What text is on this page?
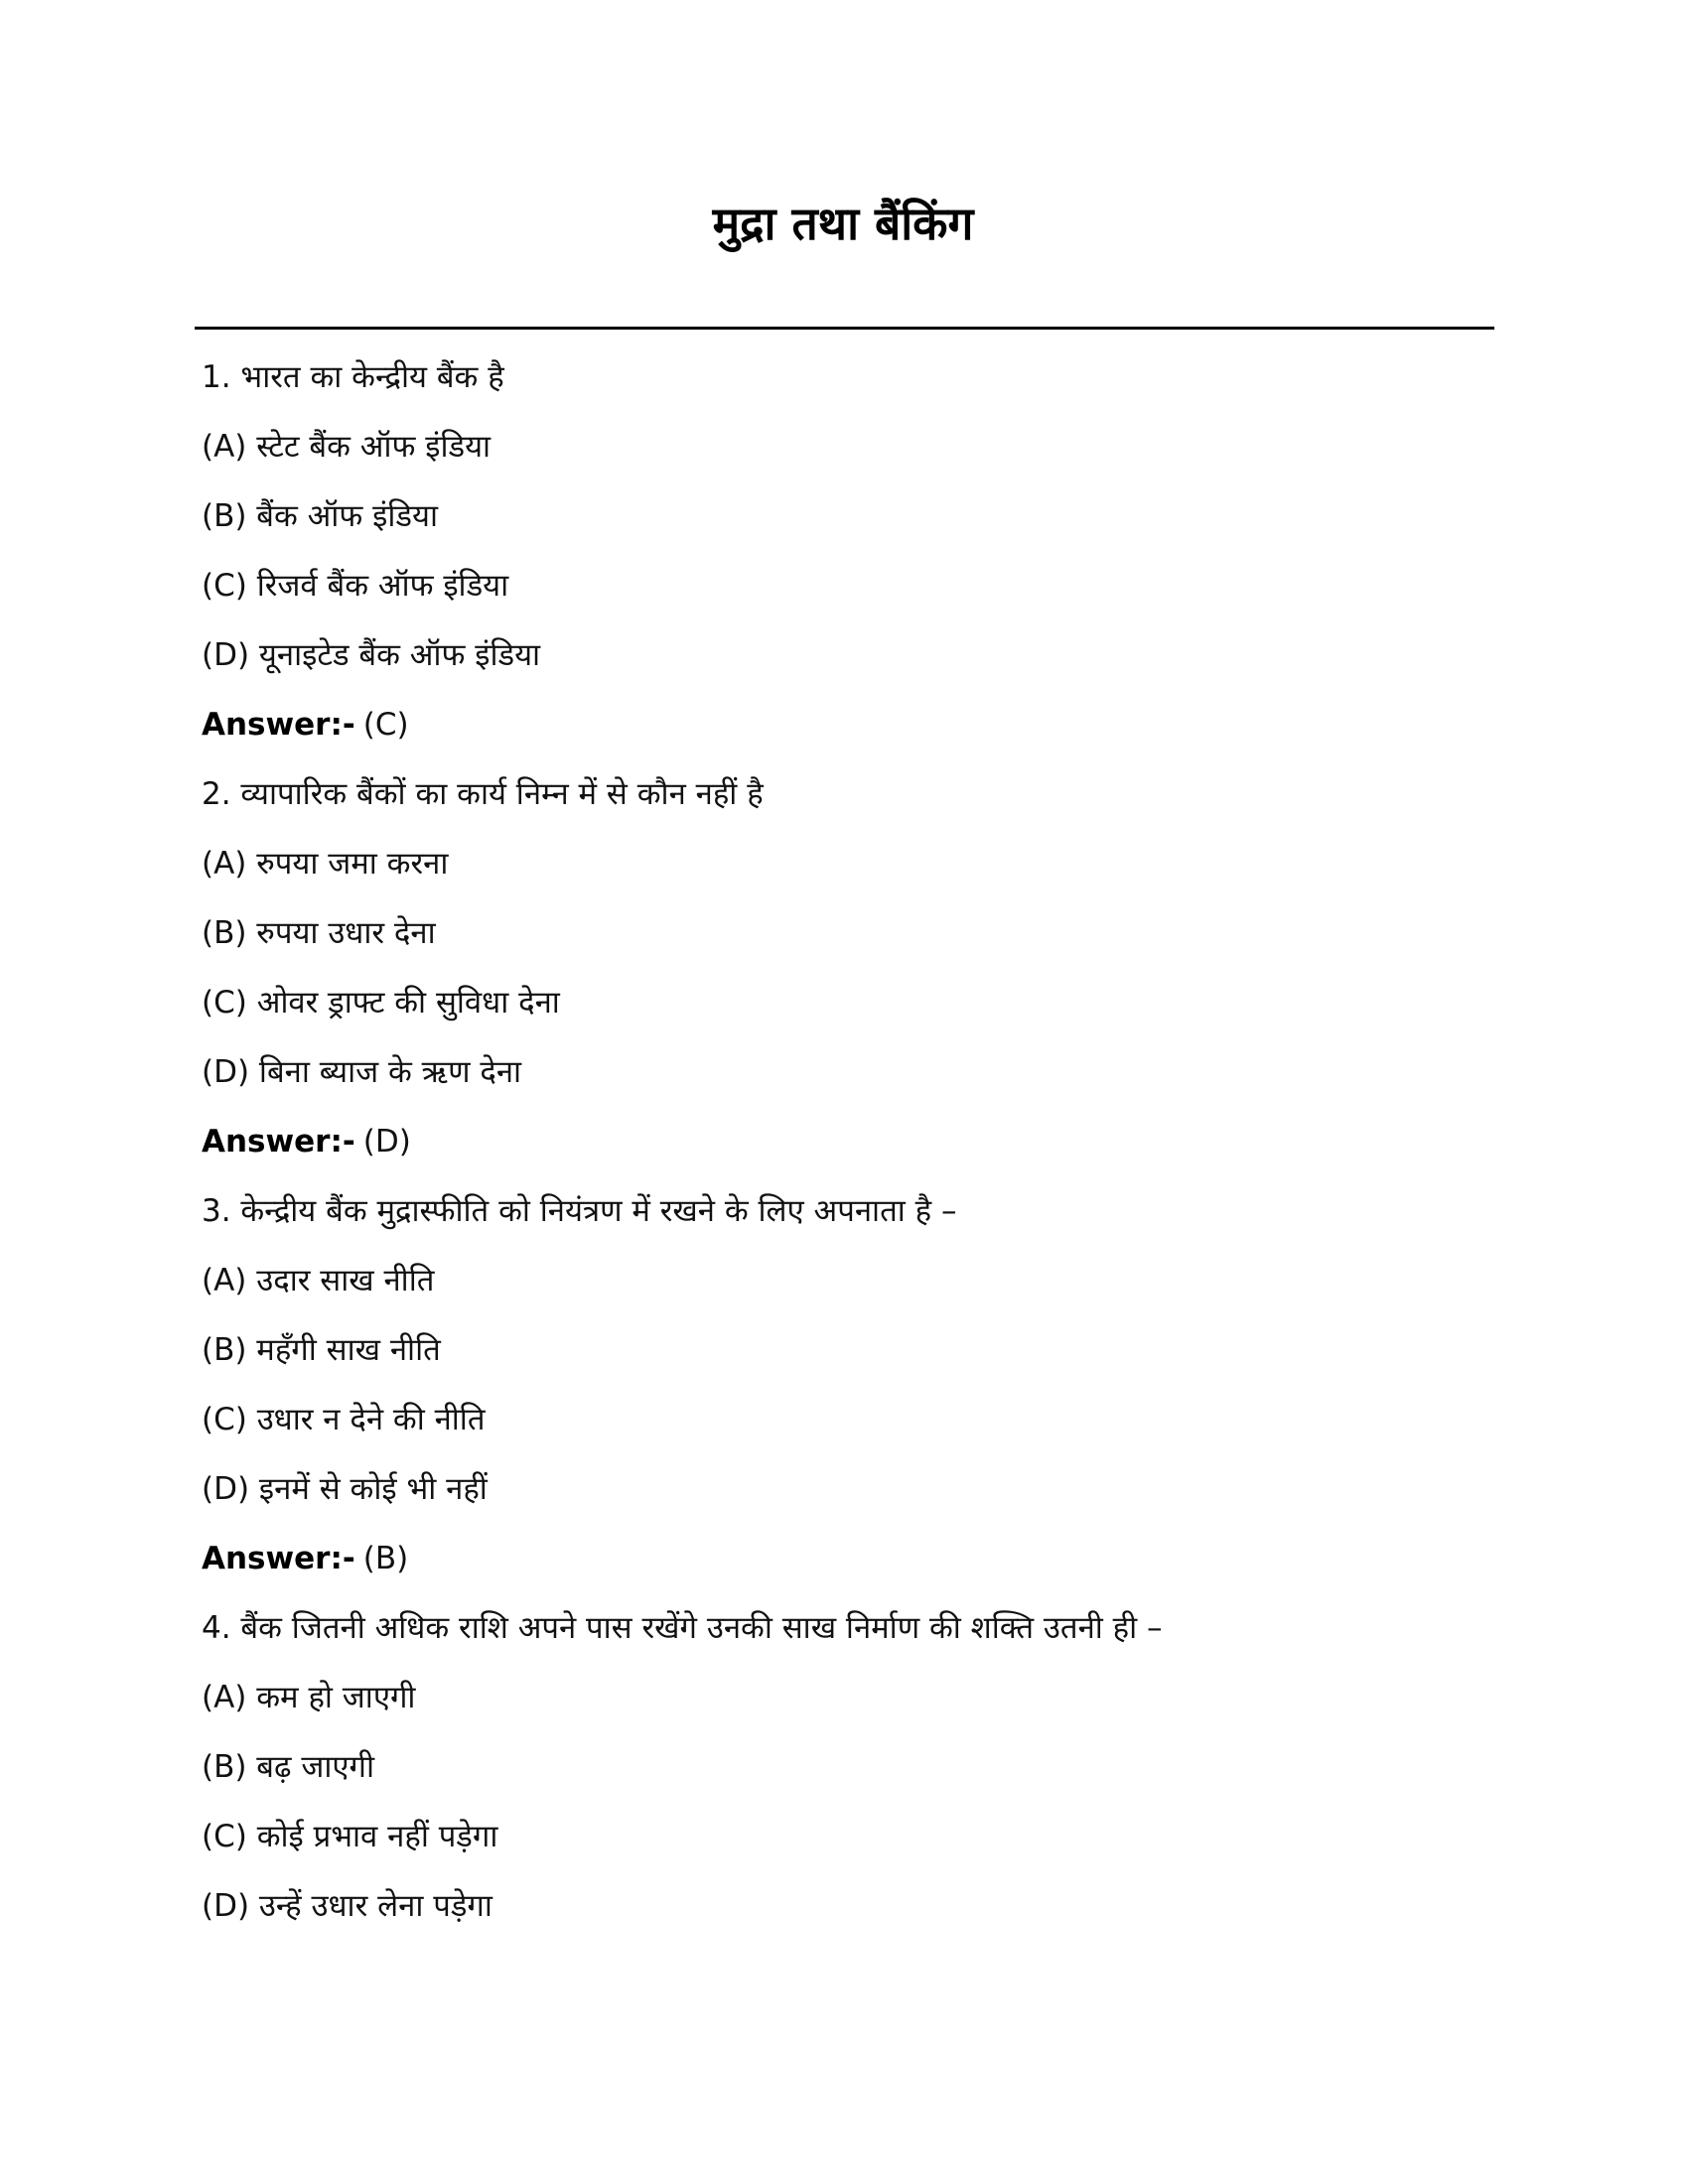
मुद्रा तथा बैंकिंग
1. भारत का केन्द्रीय बैंक है
(A) स्टेट बैंक ऑफ इंडिया
(B) बैंक ऑफ इंडिया
(C) रिजर्व बैंक ऑफ इंडिया
(D) यूनाइटेड बैंक ऑफ इंडिया
Answer:- (C)
2. व्यापारिक बैंकों का कार्य निम्न में से कौन नहीं है
(A) रुपया जमा करना
(B) रुपया उधार देना
(C) ओवर ड्राफ्ट की सुविधा देना
(D) बिना ब्याज के ऋण देना
Answer:- (D)
3. केन्द्रीय बैंक मुद्रास्फीति को नियंत्रण में रखने के लिए अपनाता है –
(A) उदार साख नीति
(B) महँगी साख नीति
(C) उधार न देने की नीति
(D) इनमें से कोई भी नहीं
Answer:- (B)
4. बैंक जितनी अधिक राशि अपने पास रखेंगे उनकी साख निर्माण की शक्ति उतनी ही –
(A) कम हो जाएगी
(B) बढ़ जाएगी
(C) कोई प्रभाव नहीं पड़ेगा
(D) उन्हें उधार लेना पड़ेगा
